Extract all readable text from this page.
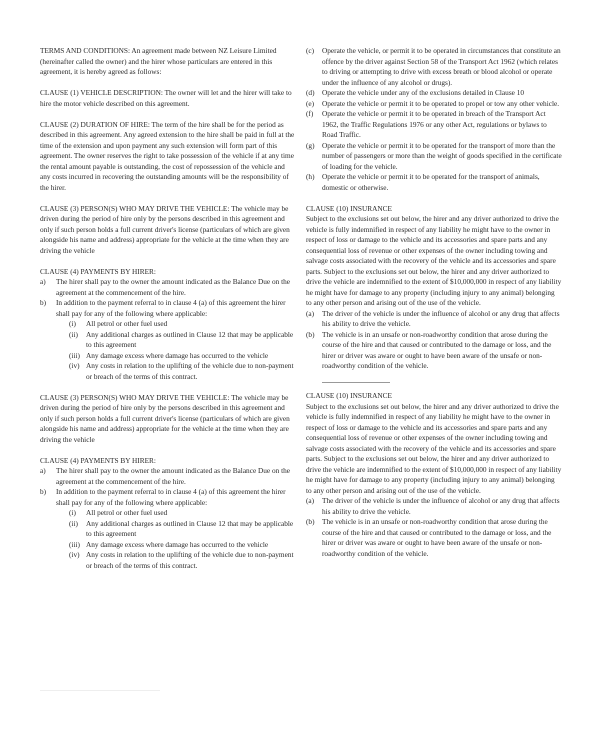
TERMS AND CONDITIONS: An agreement made between NZ Leisure Limited (hereinafter called the owner) and the hirer whose particulars are entered in this agreement, it is hereby agreed as follows:

CLAUSE (1) VEHICLE DESCRIPTION: The owner will let and the hirer will take to hire the motor vehicle described on this agreement.

CLAUSE (2) DURATION OF HIRE: The term of the hire shall be for the period as described in this agreement. Any agreed extension to the hire shall be paid in full at the time of the extension and upon payment any such extension will form part of this agreement. The owner reserves the right to take possession of the vehicle if at any time the rental amount payable is outstanding, the cost of repossession of the vehicle and any costs incurred in recovering the outstanding amounts will be the responsibility of the hirer.

CLAUSE (3) PERSON(S) WHO MAY DRIVE THE VEHICLE: The vehicle may be driven during the period of hire only by the persons described in this agreement and only if such person holds a full current driver's license (particulars of which are given alongside his name and address) appropriate for the vehicle at the time when they are driving the vehicle

CLAUSE (4) PAYMENTS BY HIRER:
a) The hirer shall pay to the owner the amount indicated as the Balance Due on the agreement at the commencement of the hire.
b) In addition to the payment referral to in clause 4 (a) of this agreement the hirer shall pay for any of the following where applicable:
(i) All petrol or other fuel used
(ii) Any additional charges as outlined in Clause 12 that may be applicable to this agreement
(iii) Any damage excess where damage has occurred to the vehicle
(iv) Any costs in relation to the uplifting of the vehicle due to non-payment or breach of the terms of this contract.

CLAUSE (3) PERSON(S) WHO MAY DRIVE THE VEHICLE: The vehicle may be driven during the period of hire only by the persons described in this agreement and only if such person holds a full current driver's license (particulars of which are given alongside his name and address) appropriate for the vehicle at the time when they are driving the vehicle

CLAUSE (4) PAYMENTS BY HIRER:
a) The hirer shall pay to the owner the amount indicated as the Balance Due on the agreement at the commencement of the hire.
b) In addition to the payment referral to in clause 4 (a) of this agreement the hirer shall pay for any of the following where applicable:
(i) All petrol or other fuel used
(ii) Any additional charges as outlined in Clause 12 that may be applicable to this agreement
(iii) Any damage excess where damage has occurred to the vehicle
(iv) Any costs in relation to the uplifting of the vehicle due to non-payment or breach of the terms of this contract.
(c) Operate the vehicle, or permit it to be operated in circumstances that constitute an offence by the driver against Section 58 of the Transport Act 1962 (which relates to driving or attempting to drive with excess breath or blood alcohol or operate under the influence of any alcohol or drugs).
(d) Operate the vehicle under any of the exclusions detailed in Clause 10
(e) Operate the vehicle or permit it to be operated to propel or tow any other vehicle.
(f) Operate the vehicle or permit it to be operated in breach of the Transport Act 1962, the Traffic Regulations 1976 or any other Act, regulations or bylaws to Road Traffic.
(g) Operate the vehicle or permit it to be operated for the transport of more than the number of passengers or more than the weight of goods specified in the certificate of loading for the vehicle.
(h) Operate the vehicle or permit it to be operated for the transport of animals, domestic or otherwise.
CLAUSE (10) INSURANCE

Subject to the exclusions set out below, the hirer and any driver authorized to drive the vehicle is fully indemnified in respect of any liability he might have to the owner in respect of loss or damage to the vehicle and its accessories and spare parts and any consequential loss of revenue or other expenses of the owner including towing and salvage costs associated with the recovery of the vehicle and its accessories and spare parts. Subject to the exclusions set out below, the hirer and any driver authorized to drive the vehicle are indemnified to the extent of $10,000,000 in respect of any liability he might have for damage to any property (including injury to any animal) belonging to any other person and arising out of the use of the vehicle.

(a) The driver of the vehicle is under the influence of alcohol or any drug that affects his ability to drive the vehicle.
(b) The vehicle is in an unsafe or non-roadworthy condition that arose during the course of the hire and that caused or contributed to the damage or loss, and the hirer or driver was aware or ought to have been aware of the unsafe or non-roadworthy condition of the vehicle.
CLAUSE (10) INSURANCE

Subject to the exclusions set out below, the hirer and any driver authorized to drive the vehicle is fully indemnified in respect of any liability he might have to the owner in respect of loss or damage to the vehicle and its accessories and spare parts and any consequential loss of revenue or other expenses of the owner including towing and salvage costs associated with the recovery of the vehicle and its accessories and spare parts. Subject to the exclusions set out below, the hirer and any driver authorized to drive the vehicle are indemnified to the extent of $10,000,000 in respect of any liability he might have for damage to any property (including injury to any animal) belonging to any other person and arising out of the use of the vehicle.

(a) The driver of the vehicle is under the influence of alcohol or any drug that affects his ability to drive the vehicle.
(b) The vehicle is in an unsafe or non-roadworthy condition that arose during the course of the hire and that caused or contributed to the damage or loss, and the hirer or driver was aware or ought to have been aware of the unsafe or non-roadworthy condition of the vehicle.
